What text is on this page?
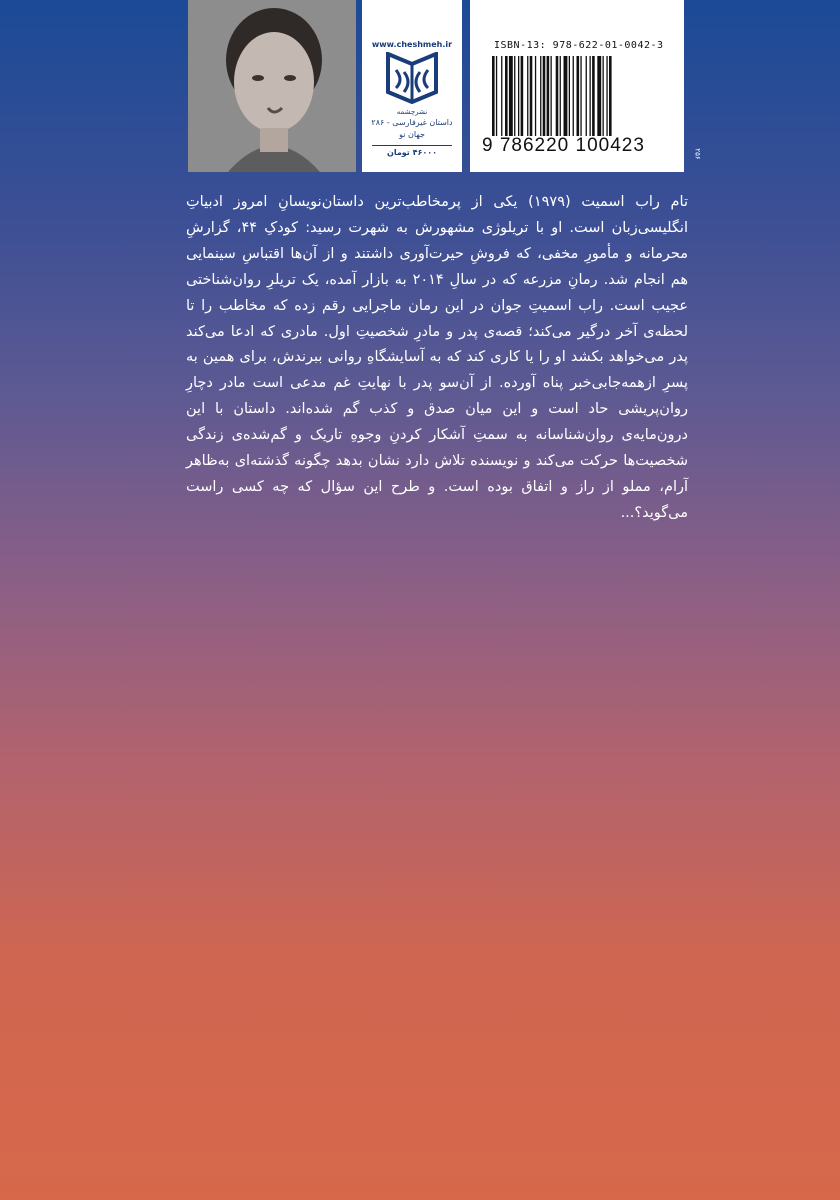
www.cheshmeh.ir
نشرچشمه
داستان غیرفارسی - ۲۸۶
جهان نو
۴۶۰۰۰ تومان
ISBN-13: 978-622-01-0042-3
9 786220 100423	۲۵۶

تام راب اسمیت (۱۹۷۹) یکی از پرمخاطب‌ترین داستان‌نویسانِ امروز ادبیاتِ انگلیسی‌زبان است. او با تریلوژی مشهورش به شهرت رسید: کودکِ ۴۴، گزارشِ محرمانه و مأمورِ مخفی، که فروشِ حیرت‌آوری داشتند و از آن‌ها اقتباسِ سینمایی هم انجام شد. رمانِ مزرعه که در سالِ ۲۰۱۴ به بازار آمده، یک تریلرِ روان‌شناختی عجیب است. راب اسمیتِ جوان در این رمان ماجرایی رقم زده که مخاطب را تا لحظه‌ی آخر درگیر می‌کند؛ قصه‌ی پدر و مادرِ شخصیتِ اول. مادری که ادعا می‌کند پدر می‌خواهد بکشد او را یا کاری کند که به آسایشگاهِ روانی ببرندش، برای همین به پسرِ ازهمه‌جابی‌خبر پناه آورده. از آن‌سو پدر با نهایتِ غم مدعی است مادر دچارِ روان‌پریشی حاد است و این میان صدق و کذب گم شده‌اند. داستان با این درون‌مایه‌ی روان‌شناسانه به سمتِ آشکار کردنِ وجوهِ تاریک و گم‌شده‌ی زندگی شخصیت‌ها حرکت می‌کند و نویسنده تلاش دارد نشان بدهد چگونه گذشته‌ای به‌ظاهر آرام، مملو از راز و اتفاق بوده است. و طرح این سؤال که چه کسی راست می‌گوید؟...
